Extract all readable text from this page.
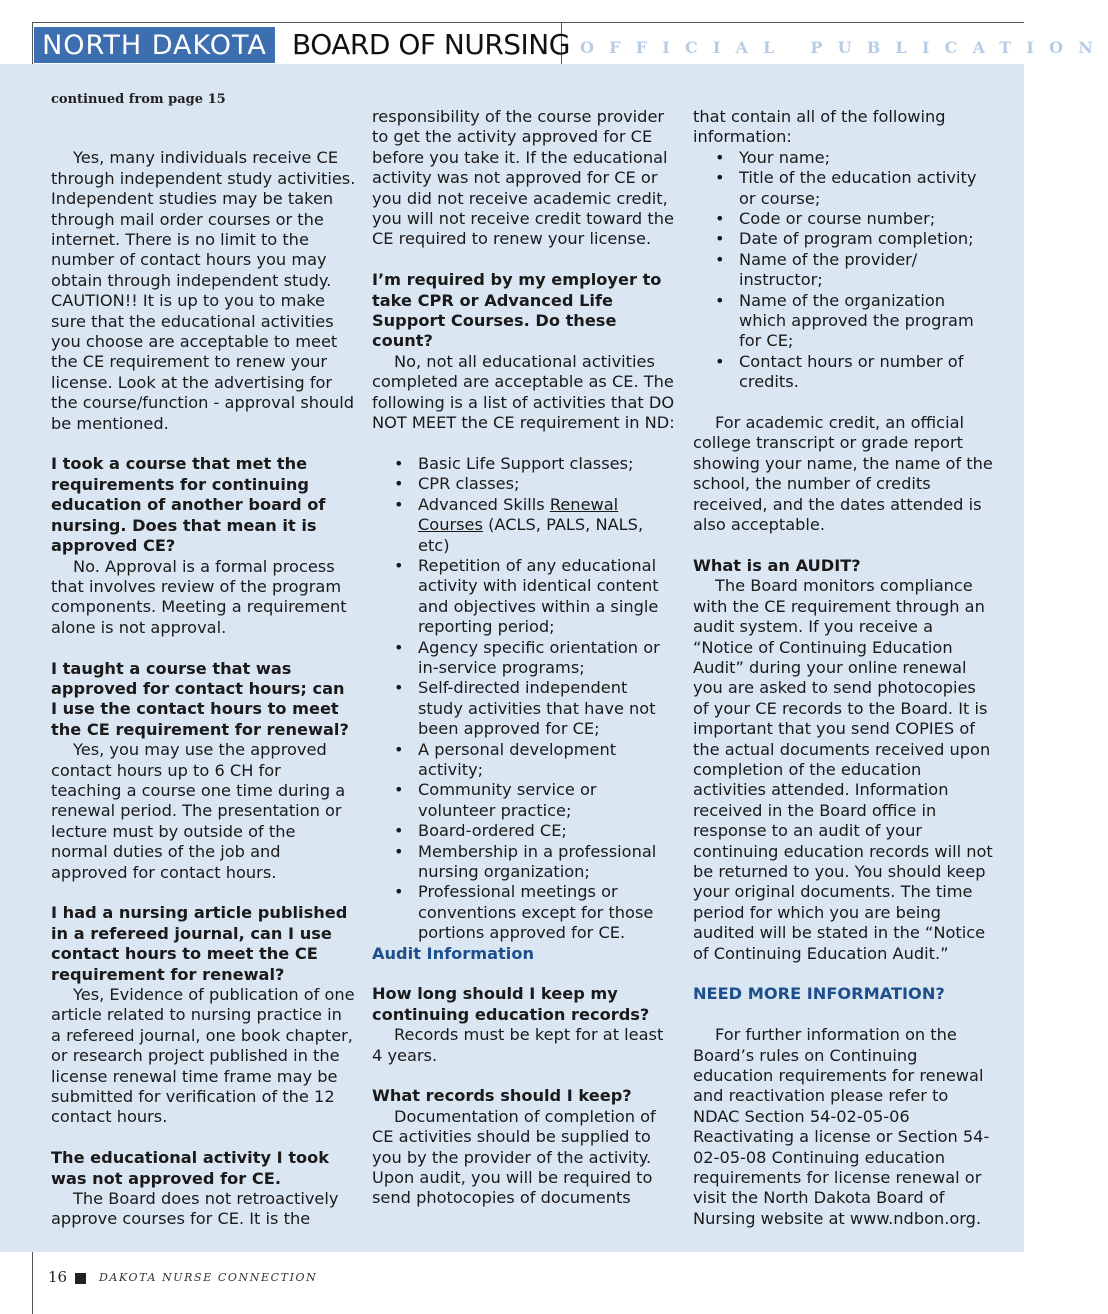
NORTH DAKOTA BOARD OF NURSING OFFICIAL PUBLICATION

continued from page 15

Yes, many individuals receive CE through independent study activities. Independent studies may be taken through mail order courses or the internet. There is no limit to the number of contact hours you may obtain through independent study. CAUTION!! It is up to you to make sure that the educational activities you choose are acceptable to meet the CE requirement to renew your license. Look at the advertising for the course/function - approval should be mentioned.

I took a course that met the requirements for continuing education of another board of nursing. Does that mean it is approved CE?

No. Approval is a formal process that involves review of the program components. Meeting a requirement alone is not approval.

I taught a course that was approved for contact hours; can I use the contact hours to meet the CE requirement for renewal?

Yes, you may use the approved contact hours up to 6 CH for teaching a course one time during a renewal period. The presentation or lecture must by outside of the normal duties of the job and approved for contact hours.

I had a nursing article published in a refereed journal, can I use contact hours to meet the CE requirement for renewal?

Yes, Evidence of publication of one article related to nursing practice in a refereed journal, one book chapter, or research project published in the license renewal time frame may be submitted for verification of the 12 contact hours.

The educational activity I took was not approved for CE.

The Board does not retroactively approve courses for CE. It is the

responsibility of the course provider to get the activity approved for CE before you take it. If the educational activity was not approved for CE or you did not receive academic credit, you will not receive credit toward the CE required to renew your license.

I’m required by my employer to take CPR or Advanced Life Support Courses. Do these count?

No, not all educational activities completed are acceptable as CE. The following is a list of activities that DO NOT MEET the CE requirement in ND:

• Basic Life Support classes;
• CPR classes;
• Advanced Skills Renewal Courses (ACLS, PALS, NALS, etc)
• Repetition of any educational activity with identical content and objectives within a single reporting period;
• Agency specific orientation or in-service programs;
• Self-directed independent study activities that have not been approved for CE;
• A personal development activity;
• Community service or volunteer practice;
• Board-ordered CE;
• Membership in a professional nursing organization;
• Professional meetings or conventions except for those portions approved for CE.

Audit Information

How long should I keep my continuing education records?

Records must be kept for at least 4 years.

What records should I keep?

Documentation of completion of CE activities should be supplied to you by the provider of the activity. Upon audit, you will be required to send photocopies of documents

that contain all of the following information:

• Your name;
• Title of the education activity or course;
• Code or course number;
• Date of program completion;
• Name of the provider/ instructor;
• Name of the organization which approved the program for CE;
• Contact hours or number of credits.

For academic credit, an official college transcript or grade report showing your name, the name of the school, the number of credits received, and the dates attended is also acceptable.

What is an AUDIT?

The Board monitors compliance with the CE requirement through an audit system. If you receive a “Notice of Continuing Education Audit” during your online renewal you are asked to send photocopies of your CE records to the Board. It is important that you send COPIES of the actual documents received upon completion of the education activities attended. Information received in the Board office in response to an audit of your continuing education records will not be returned to you. You should keep your original documents. The time period for which you are being audited will be stated in the “Notice of Continuing Education Audit.”

NEED MORE INFORMATION?

For further information on the Board’s rules on Continuing education requirements for renewal and reactivation please refer to NDAC Section 54-02-05-06 Reactivating a license or Section 54-02-05-08 Continuing education requirements for license renewal or visit the North Dakota Board of Nursing website at www.ndbon.org.

16	DAKOTA NURSE CONNECTION
